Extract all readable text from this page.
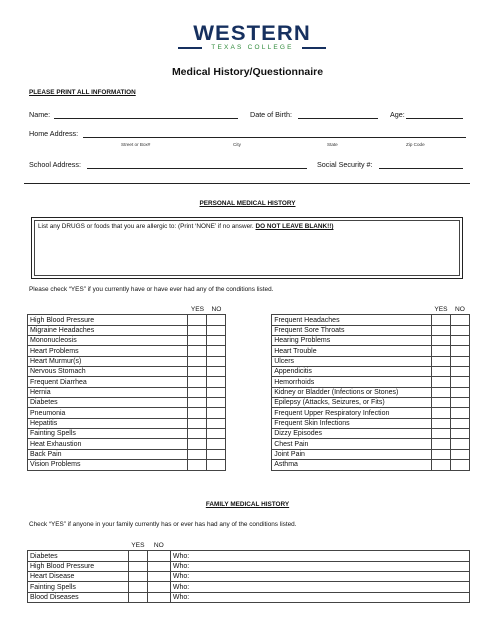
WESTERN
TEXAS COLLEGE
Medical History/Questionnaire
PLEASE PRINT ALL INFORMATION
Name:	Date of Birth:	Age:
Home Address:
Street or Box#	City	State	Zip Code
School Address:	Social Security #:
PERSONAL MEDICAL HISTORY
List any DRUGS or foods that you are allergic to: (Print ‘NONE’ if no answer. DO NOT LEAVE BLANK!!)
Please check “YES” if you currently have or have ever had any of the conditions listed.
	YES	NO			YES	NO
High Blood Pressure				Frequent Headaches		
Migraine Headaches				Frequent Sore Throats		
Mononucleosis				Hearing Problems		
Heart Problems				Heart Trouble		
Heart Murmur(s)				Ulcers		
Nervous Stomach				Appendicitis		
Frequent Diarrhea				Hemorrhoids		
Hernia				Kidney or Bladder (Infections or Stones)		
Diabetes				Epilepsy (Attacks, Seizures, or Fits)		
Pneumonia				Frequent Upper Respiratory Infection		
Hepatitis				Frequent Skin Infections		
Fainting Spells				Dizzy Episodes		
Heat Exhaustion				Chest Pain		
Back Pain				Joint Pain		
Vision Problems				Asthma		
FAMILY MEDICAL HISTORY
Check “YES” if anyone in your family currently has or ever has had any of the conditions listed.
	YES	NO	
Diabetes			Who:
High Blood Pressure			Who:
Heart Disease			Who:
Fainting Spells			Who:
Blood Diseases			Who:
